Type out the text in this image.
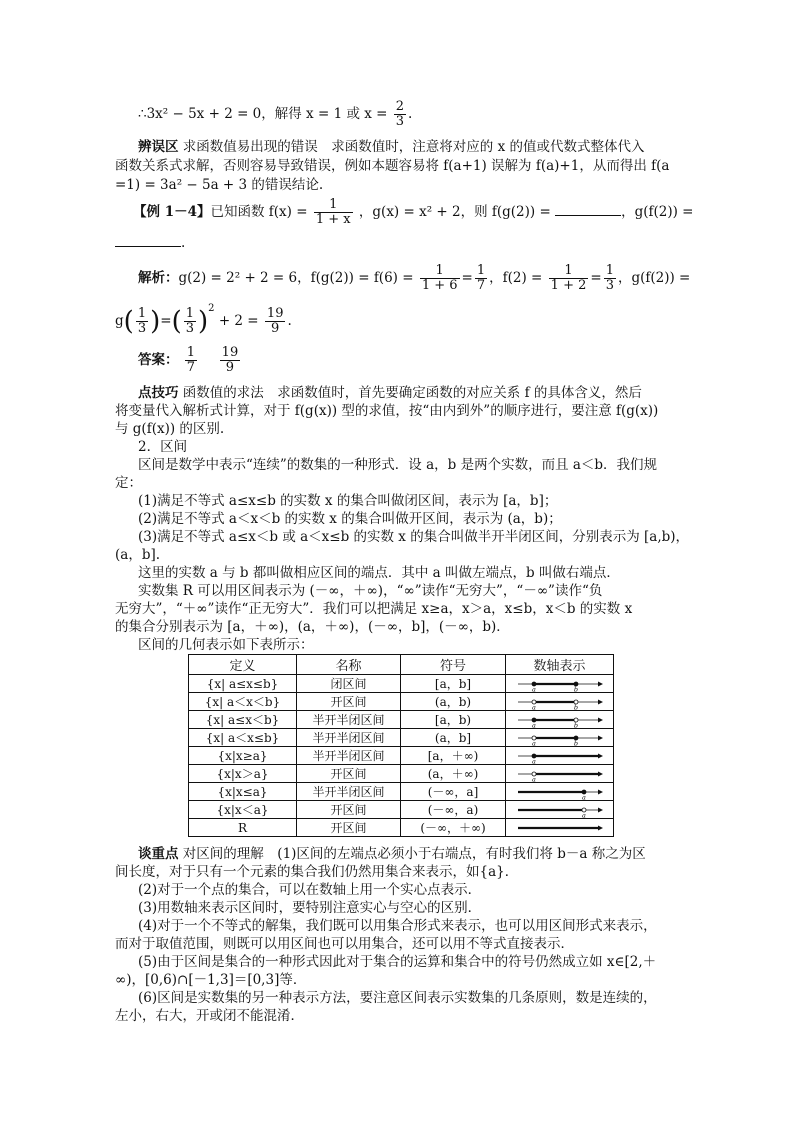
∴3x² − 5x + 2 = 0，解得 x = 1 或 $x = \frac{2}{3}$ .
辨误区 求函数值易出现的错误　求函数值时，注意将对应的 x 的值或代数式整体代入
函数关系式求解，否则容易导致错误，例如本题容易将 f(a+1) 误解为 f(a)+1，从而得出 f(a
=1) = 3a² − 5a + 3 的错误结论.
【例 1－4】已知函数 $f(x) = \frac{1}{1 + x}$ ，g(x) = x² + 2，则 f(g(2)) =	，g(f(2)) =
.
解析：g(2) = 2² + 2 = 6，$f(g(2)) = f(6) = \frac{1}{1 + 6} = \frac{1}{7}$ ，$f(2) = \frac{1}{1 + 2} = \frac{1}{3}$ ，g(f(2)) =
$g( \frac{1}{3}$ )=( $\frac{1}{3} )^2 + 2 = \frac{19}{9}$ .
答案： $\frac{1}{7}$
$\frac{19}{9}$
点技巧 函数值的求法　求函数值时，首先要确定函数的对应关系 f 的具体含义，然后
将变量代入解析式计算，对于 f(g(x)) 型的求值，按“由内到外”的顺序进行，要注意 f(g(x))
与 g(f(x)) 的区别.
2．区间
区间是数学中表示“连续”的数集的一种形式．设 a，b 是两个实数，而且 a＜b．我们规
定：
(1)满足不等式 a≤x≤b 的实数 x 的集合叫做闭区间，表示为 [a，b]；
(2)满足不等式 a＜x＜b 的实数 x 的集合叫做开区间，表示为 (a，b)；
(3)满足不等式 a≤x＜b 或 a＜x≤b 的实数 x 的集合叫做半开半闭区间，分别表示为 [a,b)，
(a，b].
这里的实数 a 与 b 都叫做相应区间的端点．其中 a 叫做左端点，b 叫做右端点．
实数集 R 可以用区间表示为 (－∞，＋∞)，“∞”读作“无穷大”，“－∞”读作“负
无穷大”，“＋∞”读作“正无穷大”．我们可以把满足 x≥a，x＞a，x≤b，x＜b 的实数 x
的集合分别表示为 [a，＋∞)，(a，＋∞)，(－∞，b]，(－∞，b)．
区间的几何表示如下表所示：
定义	名称	符号	数轴表示
{x| a≤x≤b}	闭区间	[a，b]	a b

{x| a＜x＜b}	开区间	(a，b)	a b

{x| a≤x＜b}	半开半闭区间	[a，b)	a b

{x| a＜x≤b}	半开半闭区间	(a，b]	a b

{x|x≥a}	半开半闭区间	[a，＋∞)	a

{x|x＞a}	开区间	(a，＋∞)	a

{x|x≤a}	半开半闭区间	(－∞，a]	a

{x|x＜a}	开区间	(－∞，a)	a

R	开区间	(－∞，＋∞)	
谈重点 对区间的理解　(1)区间的左端点必须小于右端点，有时我们将 b－a 称之为区
间长度，对于只有一个元素的集合我们仍然用集合来表示，如{a}．
(2)对于一个点的集合，可以在数轴上用一个实心点表示．
(3)用数轴来表示区间时，要特别注意实心与空心的区别．
(4)对于一个不等式的解集，我们既可以用集合形式来表示，也可以用区间形式来表示，
而对于取值范围，则既可以用区间也可以用集合，还可以用不等式直接表示．
(5)由于区间是集合的一种形式因此对于集合的运算和集合中的符号仍然成立如 x∈[2,＋
∞)，[0,6)∩[－1,3]＝[0,3]等．
(6)区间是实数集的另一种表示方法，要注意区间表示实数集的几条原则，数是连续的，
左小，右大，开或闭不能混淆．
